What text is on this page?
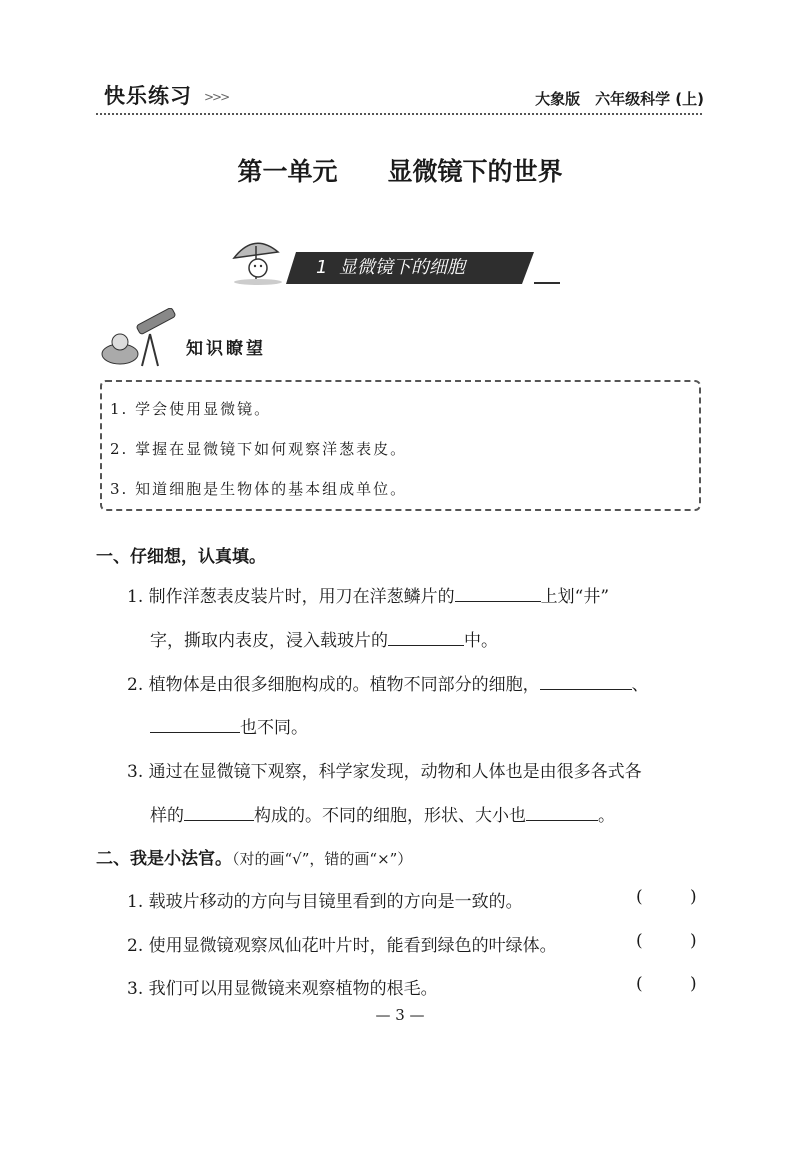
快乐练习 >>>	大象版　六年级科学 (上)
第一单元　　显微镜下的世界
1  显微镜下的细胞
知识瞭望
1. 学会使用显微镜。
2. 掌握在显微镜下如何观察洋葱表皮。
3. 知道细胞是生物体的基本组成单位。
一、仔细想，认真填。
1. 制作洋葱表皮装片时，用刀在洋葱鳞片的	上划“井”
字，撕取内表皮，浸入载玻片的	中。
2. 植物体是由很多细胞构成的。植物不同部分的细胞，	、
也不同。
3. 通过在显微镜下观察，科学家发现，动物和人体也是由很多各式各
样的	构成的。不同的细胞，形状、大小也	。
二、我是小法官。（对的画“√”，错的画“×”）
1. 载玻片移动的方向与目镜里看到的方向是一致的。	(	)
2. 使用显微镜观察凤仙花叶片时，能看到绿色的叶绿体。	(	)
3. 我们可以用显微镜来观察植物的根毛。	(	)
— 3 —
